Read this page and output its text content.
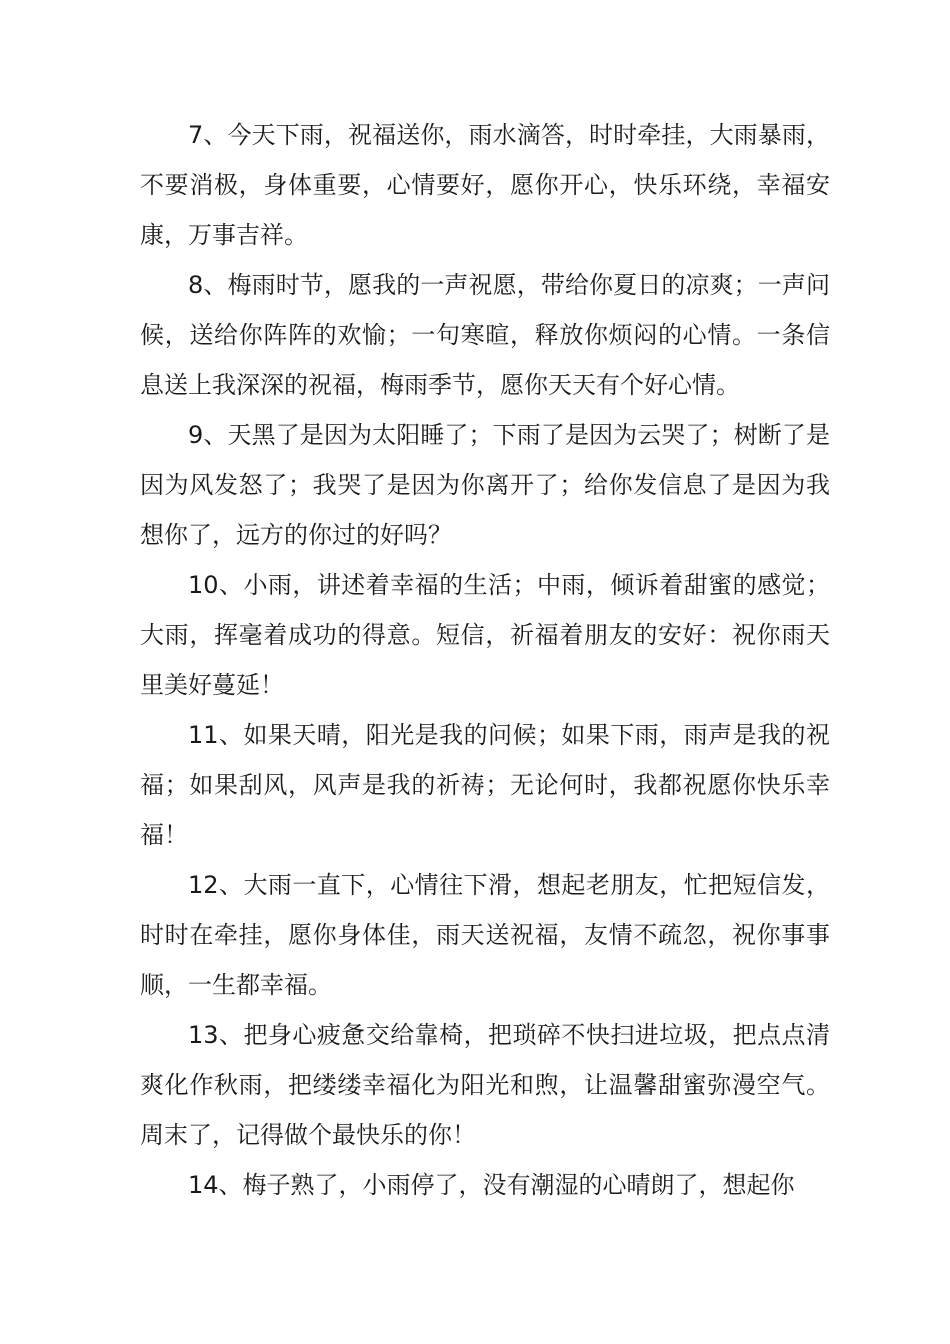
7、今天下雨，祝福送你，雨水滴答，时时牵挂，大雨暴雨，不要消极，身体重要，心情要好，愿你开心，快乐环绕，幸福安康，万事吉祥。

8、梅雨时节，愿我的一声祝愿，带给你夏日的凉爽；一声问候，送给你阵阵的欢愉；一句寒暄，释放你烦闷的心情。一条信息送上我深深的祝福，梅雨季节，愿你天天有个好心情。

9、天黑了是因为太阳睡了；下雨了是因为云哭了；树断了是因为风发怒了；我哭了是因为你离开了；给你发信息了是因为我想你了，远方的你过的好吗？

10、小雨，讲述着幸福的生活；中雨，倾诉着甜蜜的感觉；大雨，挥毫着成功的得意。短信，祈福着朋友的安好：祝你雨天里美好蔓延！

11、如果天晴，阳光是我的问候；如果下雨，雨声是我的祝福；如果刮风，风声是我的祈祷；无论何时，我都祝愿你快乐幸福！

12、大雨一直下，心情往下滑，想起老朋友，忙把短信发，时时在牵挂，愿你身体佳，雨天送祝福，友情不疏忽，祝你事事顺，一生都幸福。

13、把身心疲惫交给靠椅，把琐碎不快扫进垃圾，把点点清爽化作秋雨，把缕缕幸福化为阳光和煦，让温馨甜蜜弥漫空气。周末了，记得做个最快乐的你！

14、梅子熟了，小雨停了，没有潮湿的心晴朗了，想起你
